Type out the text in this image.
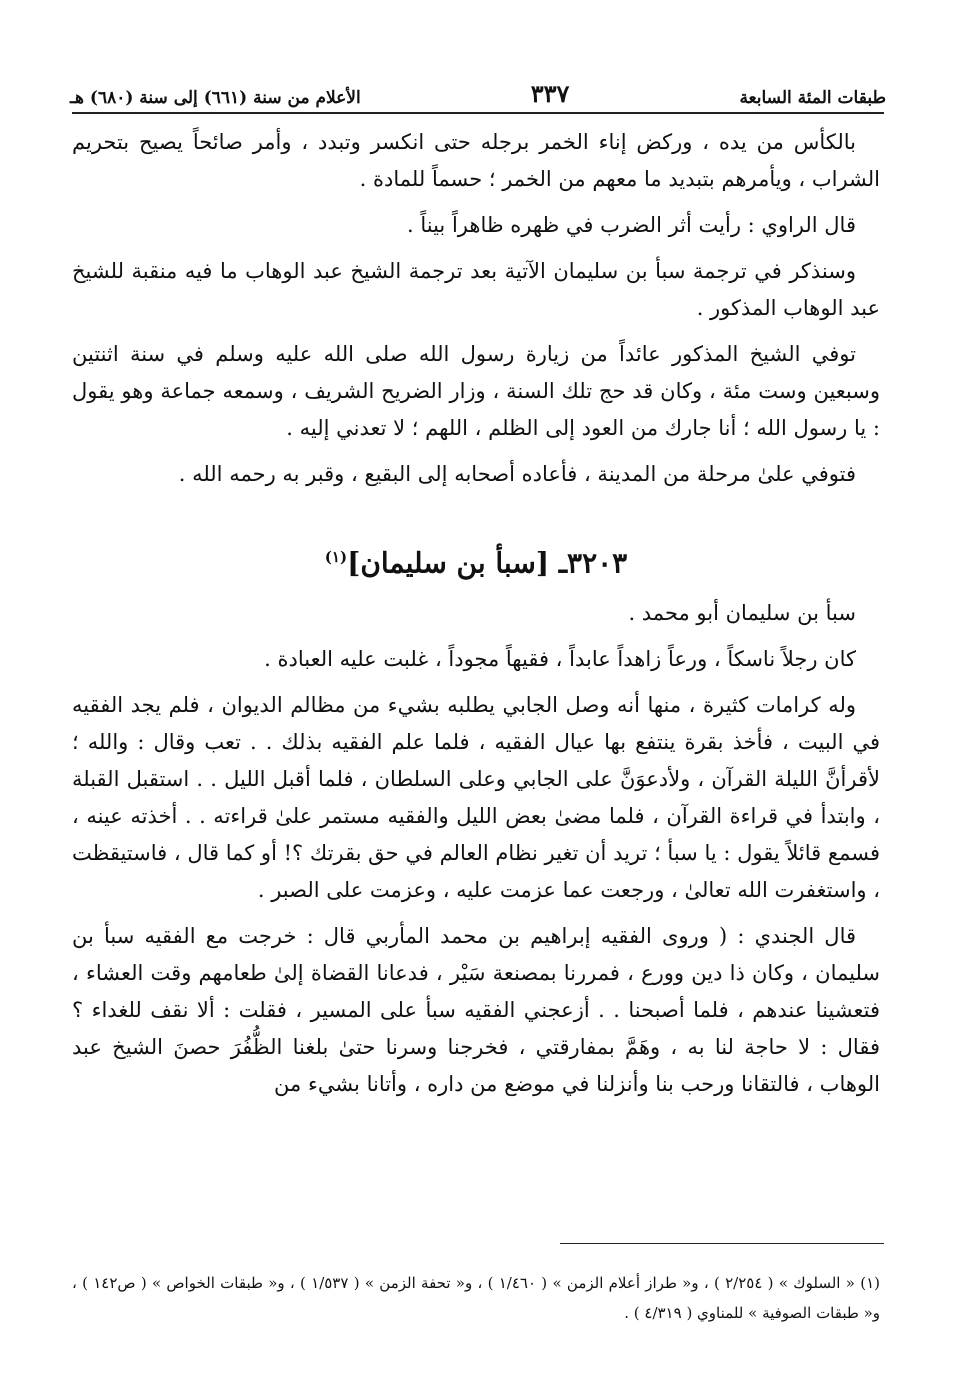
طبقات المئة السابعة
٣٣٧
الأعلام من سنة (٦٦١) إلى سنة (٦٨٠) هـ

بالكأس من يده ، وركض إناء الخمر برجله حتى انكسر وتبدد ، وأمر صائحاً يصيح بتحريم الشراب ، ويأمرهم بتبديد ما معهم من الخمر ؛ حسماً للمادة .

قال الراوي : رأيت أثر الضرب في ظهره ظاهراً بيناً .

وسنذكر في ترجمة سبأ بن سليمان الآتية بعد ترجمة الشيخ عبد الوهاب ما فيه منقبة للشيخ عبد الوهاب المذكور .

توفي الشيخ المذكور عائداً من زيارة رسول الله صلى الله عليه وسلم في سنة اثنتين وسبعين وست مئة ، وكان قد حج تلك السنة ، وزار الضريح الشريف ، وسمعه جماعة وهو يقول : يا رسول الله ؛ أنا جارك من العود إلى الظلم ، اللهم ؛ لا تعدني إليه .

فتوفي علىٰ مرحلة من المدينة ، فأعاده أصحابه إلى البقيع ، وقبر به رحمه الله .

٣٢٠٣ـ [سبأ بن سليمان]$^{(١)}$

سبأ بن سليمان أبو محمد .

كان رجلاً ناسكاً ، ورعاً زاهداً عابداً ، فقيهاً مجوداً ، غلبت عليه العبادة .

وله كرامات كثيرة ، منها أنه وصل الجابي يطلبه بشيء من مظالم الديوان ، فلم يجد الفقيه في البيت ، فأخذ بقرة ينتفع بها عيال الفقيه ، فلما علم الفقيه بذلك . . تعب وقال : والله ؛ لأقرأنَّ الليلة القرآن ، ولأدعوَنَّ على الجابي وعلى السلطان ، فلما أقبل الليل . . استقبل القبلة ، وابتدأ في قراءة القرآن ، فلما مضىٰ بعض الليل والفقيه مستمر علىٰ قراءته . . أخذته عينه ، فسمع قائلاً يقول : يا سبأ ؛ تريد أن تغير نظام العالم في حق بقرتك ؟! أو كما قال ، فاستيقظت ، واستغفرت الله تعالىٰ ، ورجعت عما عزمت عليه ، وعزمت على الصبر .

قال الجندي : ( وروى الفقيه إبراهيم بن محمد المأربي قال : خرجت مع الفقيه سبأ بن سليمان ، وكان ذا دين وورع ، فمررنا بمصنعة سَيْر ، فدعانا القضاة إلىٰ طعامهم وقت العشاء ، فتعشينا عندهم ، فلما أصبحنا . . أزعجني الفقيه سبأ على المسير ، فقلت : ألا نقف للغداء ؟ فقال : لا حاجة لنا به ، وهَمَّ بمفارقتي ، فخرجنا وسرنا حتىٰ بلغنا الظُّفُرَ حصنَ الشيخ عبد الوهاب ، فالتقانا ورحب بنا وأنزلنا في موضع من داره ، وأتانا بشيء من

(١) « السلوك » ( ٢/٢٥٤ ) ، و« طراز أعلام الزمن » ( ١/٤٦٠ ) ، و« تحفة الزمن » ( ١/٥٣٧ ) ، و« طبقات الخواص » ( ص١٤٢ ) ، و« طبقات الصوفية » للمناوي ( ٤/٣١٩ ) .
